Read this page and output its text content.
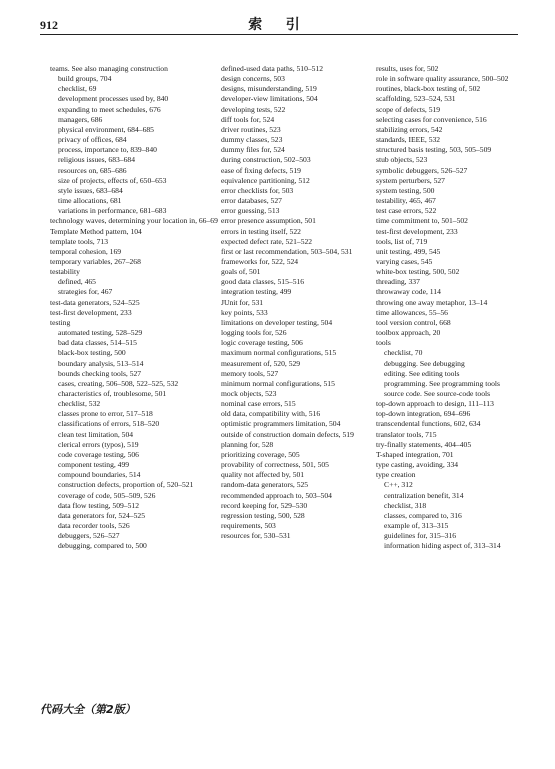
912	索 引
teams. See also managing construction
build groups, 704
checklist, 69
development processes used by, 840
expanding to meet schedules, 676
managers, 686
physical environment, 684–685
privacy of offices, 684
process, importance to, 839–840
religious issues, 683–684
resources on, 685–686
size of projects, effects of, 650–653
style issues, 683–684
time allocations, 681
variations in performance, 681–683
technology waves, determining your location in, 66–69
Template Method pattern, 104
template tools, 713
temporal cohesion, 169
temporary variables, 267–268
testability
defined, 465
strategies for, 467
test-data generators, 524–525
test-first development, 233
testing
automated testing, 528–529
bad data classes, 514–515
black-box testing, 500
boundary analysis, 513–514
bounds checking tools, 527
cases, creating, 506–508, 522–525, 532
characteristics of, troublesome, 501
checklist, 532
classes prone to error, 517–518
classifications of errors, 518–520
clean test limitation, 504
clerical errors (typos), 519
code coverage testing, 506
component testing, 499
compound boundaries, 514
construction defects, proportion of, 520–521
coverage of code, 505–509, 526
data flow testing, 509–512
data generators for, 524–525
data recorder tools, 526
debuggers, 526–527
debugging, compared to, 500
defined-used data paths, 510–512
design concerns, 503
designs, misunderstanding, 519
developer-view limitations, 504
developing tests, 522
diff tools for, 524
driver routines, 523
dummy classes, 523
dummy files for, 524
during construction, 502–503
ease of fixing defects, 519
equivalence partitioning, 512
error checklists for, 503
error databases, 527
error guessing, 513
error presence assumption, 501
errors in testing itself, 522
expected defect rate, 521–522
first or last recommendation, 503–504, 531
frameworks for, 522, 524
goals of, 501
good data classes, 515–516
integration testing, 499
JUnit for, 531
key points, 533
limitations on developer testing, 504
logging tools for, 526
logic coverage testing, 506
maximum normal configurations, 515
measurement of, 520, 529
memory tools, 527
minimum normal configurations, 515
mock objects, 523
nominal case errors, 515
old data, compatibility with, 516
optimistic programmers limitation, 504
outside of construction domain defects, 519
planning for, 528
prioritizing coverage, 505
provability of correctness, 501, 505
quality not affected by, 501
random-data generators, 525
recommended approach to, 503–504
record keeping for, 529–530
regression testing, 500, 528
requirements, 503
resources for, 530–531
results, uses for, 502
role in software quality assurance, 500–502
routines, black-box testing of, 502
scaffolding, 523–524, 531
scope of defects, 519
selecting cases for convenience, 516
stabilizing errors, 542
standards, IEEE, 532
structured basis testing, 503, 505–509
stub objects, 523
symbolic debuggers, 526–527
system perturbers, 527
system testing, 500
testability, 465, 467
test case errors, 522
time commitment to, 501–502
test-first development, 233
tools, list of, 719
unit testing, 499, 545
varying cases, 545
white-box testing, 500, 502
threading, 337
throwaway code, 114
throwing one away metaphor, 13–14
time allowances, 55–56
tool version control, 668
toolbox approach, 20
tools
checklist, 70
debugging. See debugging
editing. See editing tools
programming. See programming tools
source code. See source-code tools
top-down approach to design, 111–113
top-down integration, 694–696
transcendental functions, 602, 634
translator tools, 715
try-finally statements, 404–405
T-shaped integration, 701
type casting, avoiding, 334
type creation
C++, 312
centralization benefit, 314
checklist, 318
classes, compared to, 316
example of, 313–315
guidelines for, 315–316
information hiding aspect of, 313–314
代码大全（第2版）
